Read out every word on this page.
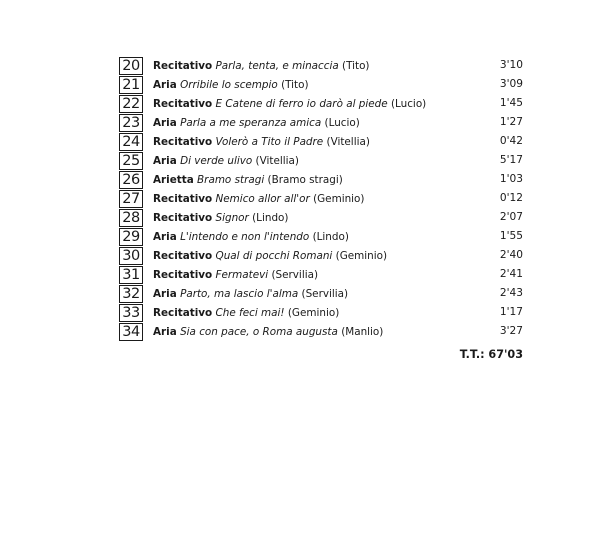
20	Recitativo Parla, tenta, e minaccia (Tito)	3'10
21	Aria Orribile lo scempio (Tito)	3'09
22	Recitativo E Catene di ferro io darò al piede (Lucio)	1'45
23	Aria Parla a me speranza amica (Lucio)	1'27
24	Recitativo Volerò a Tito il Padre (Vitellia)	0'42
25	Aria Di verde ulivo (Vitellia)	5'17
26	Arietta Bramo stragi (Bramo stragi)	1'03
27	Recitativo Nemico allor all'or (Geminio)	0'12
28	Recitativo Signor (Lindo)	2'07
29	Aria L'intendo e non l'intendo (Lindo)	1'55
30	Recitativo Qual di pocchi Romani (Geminio)	2'40
31	Recitativo Fermatevi (Servilia)	2'41
32	Aria Parto, ma lascio l'alma (Servilia)	2'43
33	Recitativo Che feci mai! (Geminio)	1'17
34	Aria Sia con pace, o Roma augusta (Manlio)	3'27
T.T.: 67'03
